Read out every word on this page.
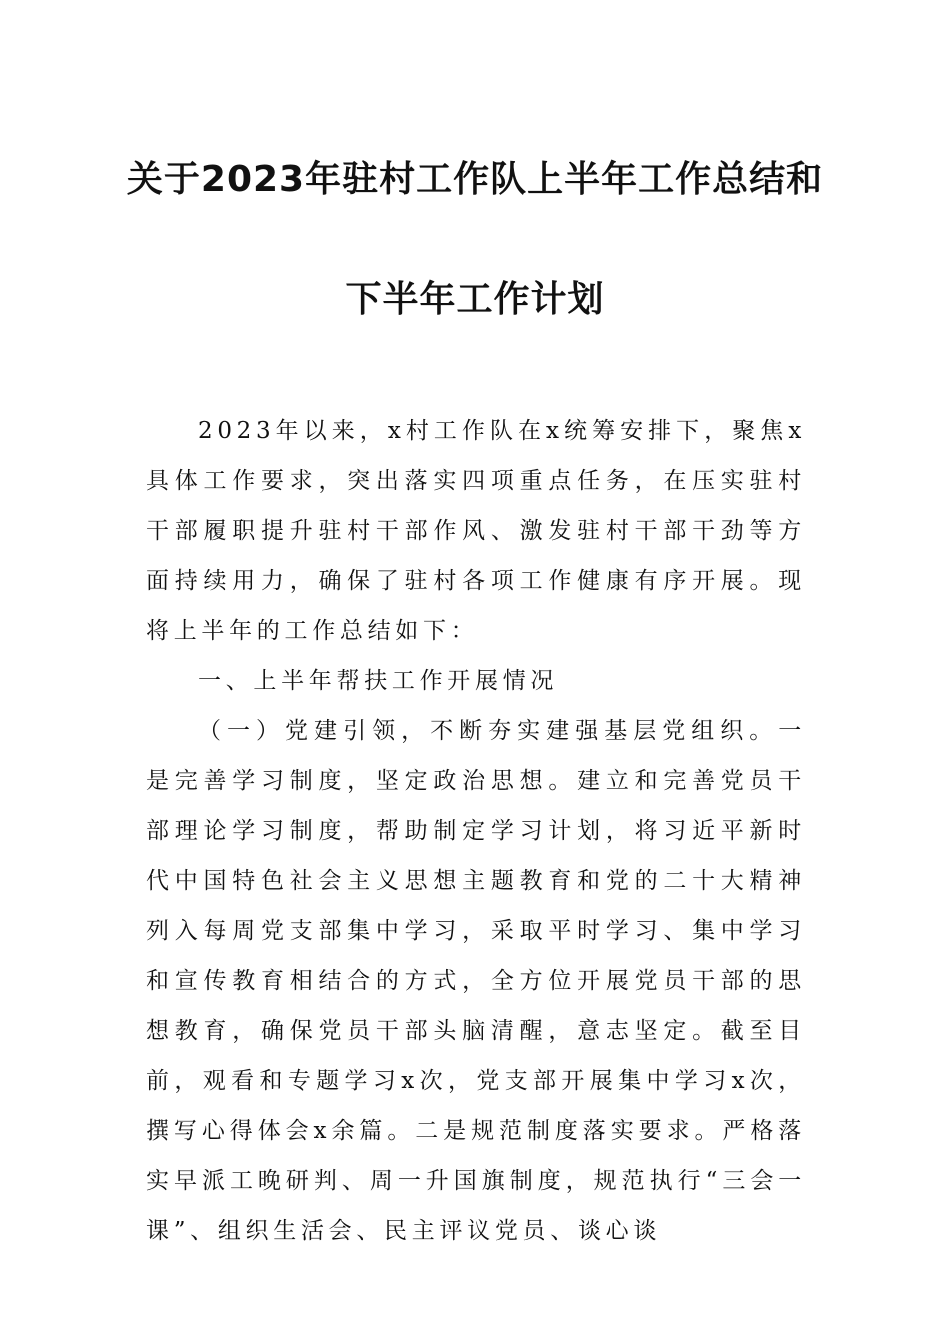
关于2023年驻村工作队上半年工作总结和
下半年工作计划

2023年以来，x村工作队在x统筹安排下，聚焦x具体工作要求，突出落实四项重点任务，在压实驻村干部履职提升驻村干部作风、激发驻村干部干劲等方面持续用力，确保了驻村各项工作健康有序开展。现将上半年的工作总结如下：

一、上半年帮扶工作开展情况

（一）党建引领，不断夯实建强基层党组织。一是完善学习制度，坚定政治思想。建立和完善党员干部理论学习制度，帮助制定学习计划，将习近平新时代中国特色社会主义思想主题教育和党的二十大精神列入每周党支部集中学习，采取平时学习、集中学习和宣传教育相结合的方式，全方位开展党员干部的思想教育，确保党员干部头脑清醒，意志坚定。截至目前，观看和专题学习x次，党支部开展集中学习x次，撰写心得体会x余篇。二是规范制度落实要求。严格落实早派工晚研判、周一升国旗制度，规范执行“三会一课”、组织生活会、民主评议党员、谈心谈
